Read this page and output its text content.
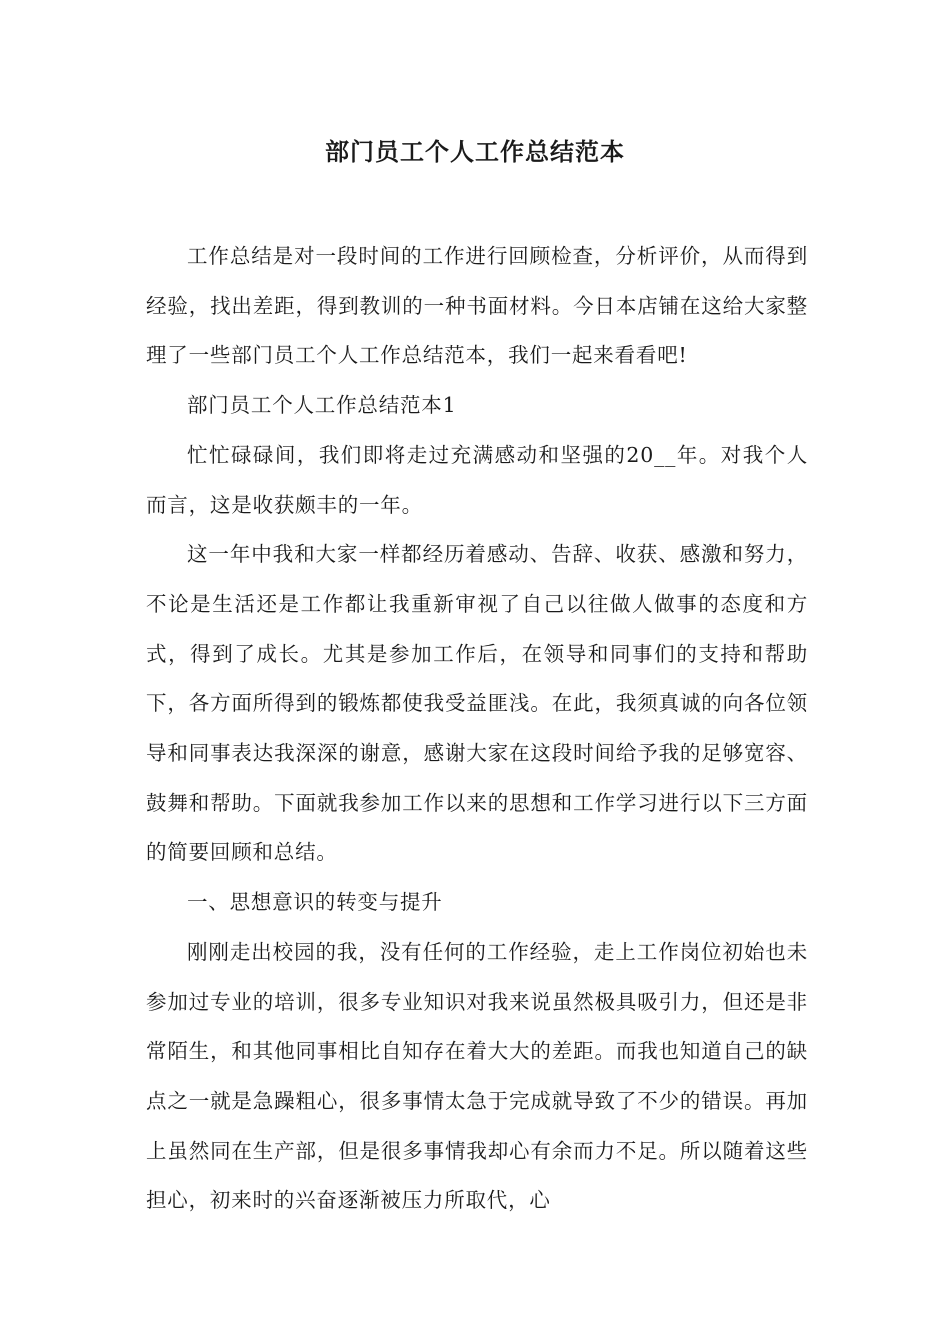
部门员工个人工作总结范本

工作总结是对一段时间的工作进行回顾检查，分析评价，从而得到经验，找出差距，得到教训的一种书面材料。今日本店铺在这给大家整理了一些部门员工个人工作总结范本，我们一起来看看吧!

部门员工个人工作总结范本1

忙忙碌碌间，我们即将走过充满感动和坚强的20__年。对我个人而言，这是收获颇丰的一年。

这一年中我和大家一样都经历着感动、告辞、收获、感激和努力，不论是生活还是工作都让我重新审视了自己以往做人做事的态度和方式，得到了成长。尤其是参加工作后，在领导和同事们的支持和帮助下，各方面所得到的锻炼都使我受益匪浅。在此，我须真诚的向各位领导和同事表达我深深的谢意，感谢大家在这段时间给予我的足够宽容、鼓舞和帮助。下面就我参加工作以来的思想和工作学习进行以下三方面的简要回顾和总结。

一、思想意识的转变与提升

刚刚走出校园的我，没有任何的工作经验，走上工作岗位初始也未参加过专业的培训，很多专业知识对我来说虽然极具吸引力，但还是非常陌生，和其他同事相比自知存在着大大的差距。而我也知道自己的缺点之一就是急躁粗心，很多事情太急于完成就导致了不少的错误。再加上虽然同在生产部，但是很多事情我却心有余而力不足。所以随着这些担心，初来时的兴奋逐渐被压力所取代，心
